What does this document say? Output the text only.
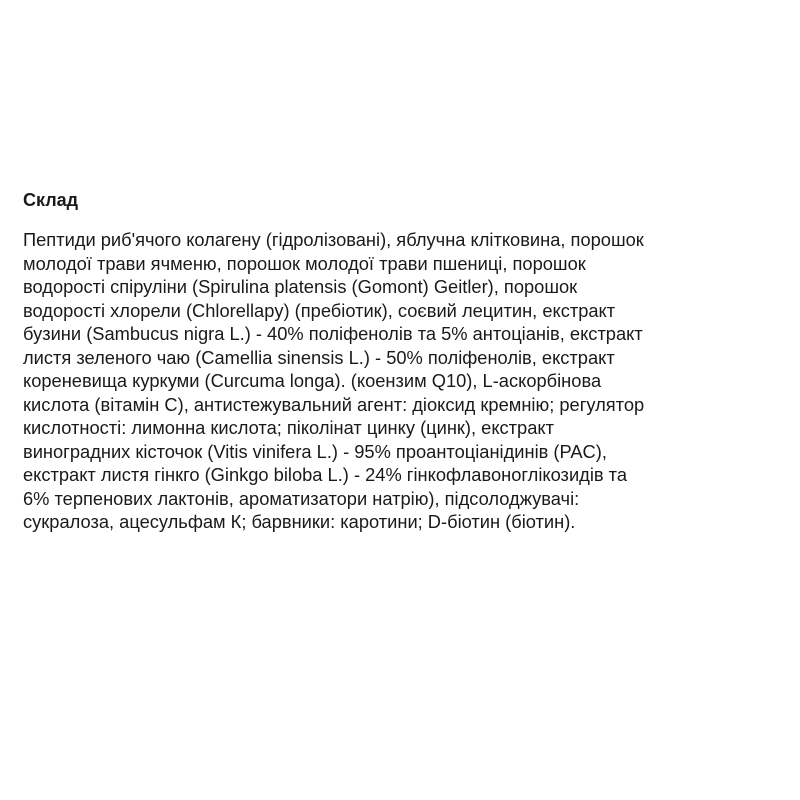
Склад

Пептиди риб'ячого колагену (гідролізовані), яблучна клітковина, порошок
молодої трави ячменю, порошок молодої трави пшениці, порошок
водорості спіруліни (Spirulina platensis (Gomont) Geitler), порошок
водорості хлорели (Chlorellapy) (пребіотик), соєвий лецитин, екстракт
бузини (Sambucus nigra L.) - 40% поліфенолів та 5% антоціанів, екстракт
листя зеленого чаю (Camellia sinensis L.) - 50% поліфенолів, екстракт
кореневища куркуми (Curcuma longa). (коензим Q10), L-аскорбінова
кислота (вітамін С), антистежувальний агент: діоксид кремнію; регулятор
кислотності: лимонна кислота; піколінат цинку (цинк), екстракт
виноградних кісточок (Vitis vinifera L.) - 95% проантоціанідинів (PAC),
екстракт листя гінкго (Ginkgo biloba L.) - 24% гінкофлавоноглікозидів та
6% терпенових лактонів, ароматизатори натрію), підсолоджувачі:
сукралоза, ацесульфам К; барвники: каротини; D-біотин (біотин).
